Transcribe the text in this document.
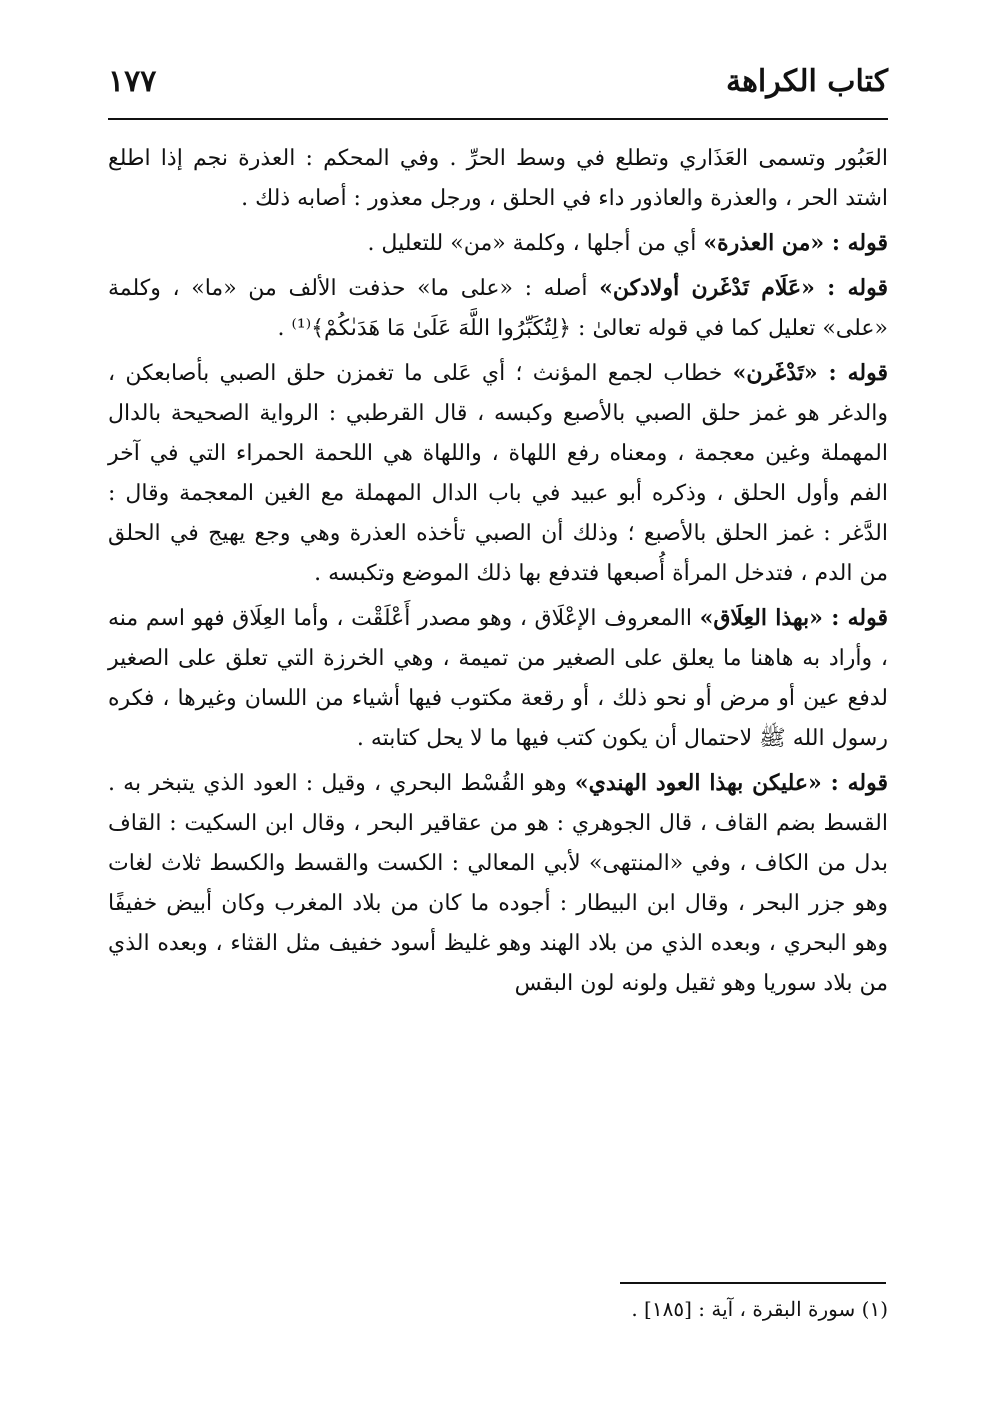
كتاب الكراهة
١٧٧

العَبُور وتسمى العَذَاري وتطلع في وسط الحرِّ . وفي المحكم : العذرة نجم إذا اطلع اشتد الحر ، والعذرة والعاذور داء في الحلق ، ورجل معذور : أصابه ذلك .

قوله : «من العذرة» أي من أجلها ، وكلمة «من» للتعليل .

قوله : «عَلَام تَدْغَرن أولادكن» أصله : «على ما» حذفت الألف من «ما» ، وكلمة «على» تعليل كما في قوله تعالىٰ : ﴿لِتُكَبِّرُوا اللَّهَ عَلَىٰ مَا هَدَىٰكُمْ﴾⁽¹⁾ .

قوله : «تَدْغَرن» خطاب لجمع المؤنث ؛ أي عَلى ما تغمزن حلق الصبي بأصابعكن ، والدغر هو غمز حلق الصبي بالأصبع وكبسه ، قال القرطبي : الرواية الصحيحة بالدال المهملة وغين معجمة ، ومعناه رفع اللهاة ، واللهاة هي اللحمة الحمراء التي في آخر الفم وأول الحلق ، وذكره أبو عبيد في باب الدال المهملة مع الغين المعجمة وقال : الدَّغر : غمز الحلق بالأصبع ؛ وذلك أن الصبي تأخذه العذرة وهي وجع يهيج في الحلق من الدم ، فتدخل المرأة أُصبعها فتدفع بها ذلك الموضع وتكبسه .

قوله : «بهذا العِلَاق» االمعروف الإعْلَاق ، وهو مصدر أَعْلَقْت ، وأما العِلَاق فهو اسم منه ، وأراد به هاهنا ما يعلق على الصغير من تميمة ، وهي الخرزة التي تعلق على الصغير لدفع عين أو مرض أو نحو ذلك ، أو رقعة مكتوب فيها أشياء من اللسان وغيرها ، فكره رسول الله ﷺ لاحتمال أن يكون كتب فيها ما لا يحل كتابته .

قوله : «عليكن بهذا العود الهندي» وهو القُسْط البحري ، وقيل : العود الذي يتبخر به . القسط بضم القاف ، قال الجوهري : هو من عقاقير البحر ، وقال ابن السكيت : القاف بدل من الكاف ، وفي «المنتهى» لأبي المعالي : الكست والقسط والكسط ثلاث لغات وهو جزر البحر ، وقال ابن البيطار : أجوده ما كان من بلاد المغرب وكان أبيض خفيفًا وهو البحري ، وبعده الذي من بلاد الهند وهو غليظ أسود خفيف مثل القثاء ، وبعده الذي من بلاد سوريا وهو ثقيل ولونه لون البقس

(١) سورة البقرة ، آية : [١٨٥] .
